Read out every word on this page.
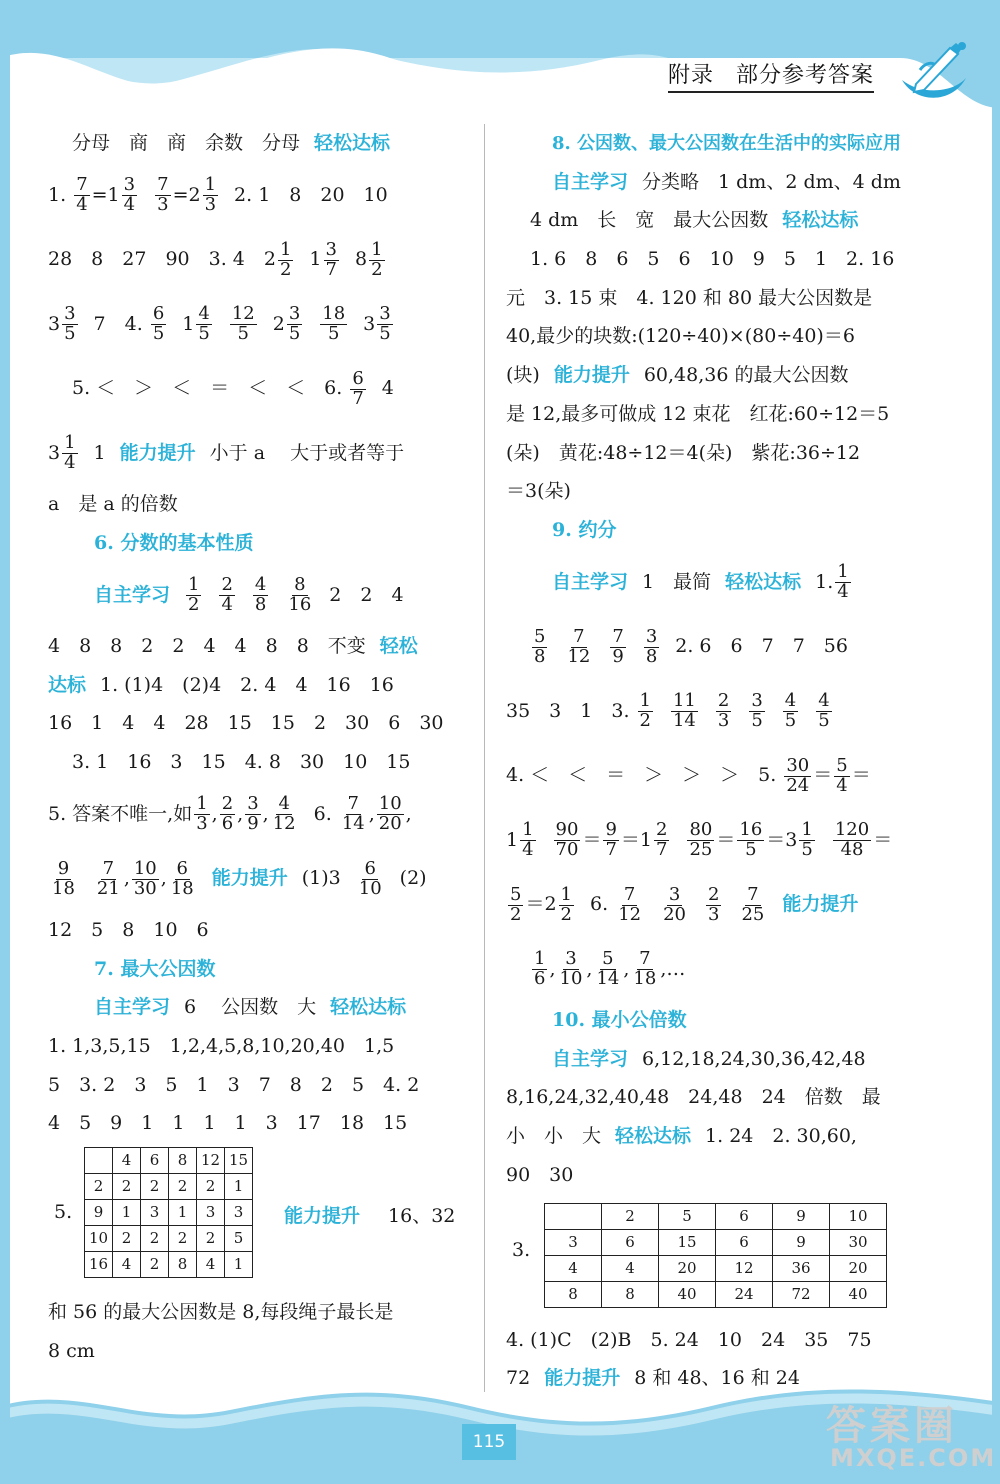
附录 部分参考答案
分母　商　商　余数　分母 轻松达标
1. $\frac{7}{4} =1 \frac{3}{4} \frac{7}{3} =2 \frac{1}{3} 2$. 1　8　20　10
28　8　27　90　3. 4　$2 \frac{1}{2} 1 \frac{3}{7} 8 \frac{1}{2}$
$3 \frac{3}{5} 7$　4. $\frac{6}{5} 1 \frac{4}{5} \frac{12}{5} 2 \frac{3}{5} \frac{18}{5} 3 \frac{3}{5}$
5. ＜　＞　＜　＝　＜　＜　6. $\frac{6}{7} 4$
$3 \frac{1}{4} 1$ 能力提升 小于 a　 大于或者等于
a　是 a 的倍数
6. 分数的基本性质
自主学习 $\frac{1}{2} \frac{2}{4} \frac{4}{8} \frac{8}{16} 2$　2　4
4　8　8　2　2　4　4　8　8　不变 轻松
达标 1. (1)4　(2)4　2. 4　4　16　16
16　1　4　4　28　15　15　2　30　6　30
3. 1　16　3　15　4. 8　30　10　15
5. 答案不唯一,如 $\frac{1}{3}$ , $\frac{2}{6}$ , $\frac{3}{9}$ , $\frac{4}{12} 6$. $\frac{7}{14}$ , $\frac{10}{20}$ ,
$\frac{9}{18} \frac{7}{21}$ , $\frac{10}{30}$ , $\frac{6}{18}$ 能力提升 $(1)3 \frac{6}{10} (2)$
12　5　8　10　6
7. 最大公因数
自主学习 6　 公因数　大 轻松达标
1. 1,3,5,15　1,2,4,5,8,10,20,40　1,5
5　3. 2　3　5　1　3　7　8　2　5　4. 2
4　5　9　1　1　1　1　3　17　18　15
5.
	4	6	8	12	15
2	2	2	2	2	1
9	1	3	1	3	3
10	2	2	2	2	5
16	4	2	8	4	1
能力提升 16、32
和 56 的最大公因数是 8,每段绳子最长是
8 cm
8. 公因数、最大公因数在生活中的实际应用
自主学习 分类略　1 dm、2 dm、4 dm
4 dm　长　宽　最大公因数 轻松达标
1. 6　8　6　5　6　10　9　5　1　2. 16
元　3. 15 束　4. 120 和 80 最大公因数是
40,最少的块数:(120÷40)×(80÷40)＝6
(块) 能力提升 60,48,36 的最大公因数
是 12,最多可做成 12 束花　红花:60÷12＝5
(朵)　黄花:48÷12＝4(朵)　紫花:36÷12
＝3(朵)
9. 约分
自主学习 1　最简 轻松达标 1. $\frac{1}{4}$
$\frac{5}{8} \frac{7}{12} \frac{7}{9} \frac{3}{8} 2$. 6　6　7　7　56
35　3　1　3. $\frac{1}{2} \frac{11}{14} \frac{2}{3} \frac{3}{5} \frac{4}{5} \frac{4}{5}$
4. ＜　＜　＝　＞　＞　＞　5. $\frac{30}{24} = \frac{5}{4}$ ＝
$1 \frac{1}{4} \frac{90}{70} = \frac{9}{7} =1 \frac{2}{7} \frac{80}{25} = \frac{16}{5} =3 \frac{1}{5} \frac{120}{48}$ ＝
$\frac{5}{2} =2 \frac{1}{2} 6$. $\frac{7}{12} \frac{3}{20} \frac{2}{3} \frac{7}{25}$ 能力提升
$\frac{1}{6}$ , $\frac{3}{10}$ , $\frac{5}{14}$ , $\frac{7}{18}$ ,…
10. 最小公倍数
自主学习 6,12,18,24,30,36,42,48
8,16,24,32,40,48　24,48　24　倍数　最
小　小　大 轻松达标 1. 24　2. 30,60,
90　30
3.
	2	5	6	9	10
3	6	15	6	9	30
4	4	20	12	36	20
8	8	40	24	72	40
4. (1)C　(2)B　5. 24　10　24　35　75
72 能力提升 8 和 48、16 和 24
115	答案圈
MXQE.COM
